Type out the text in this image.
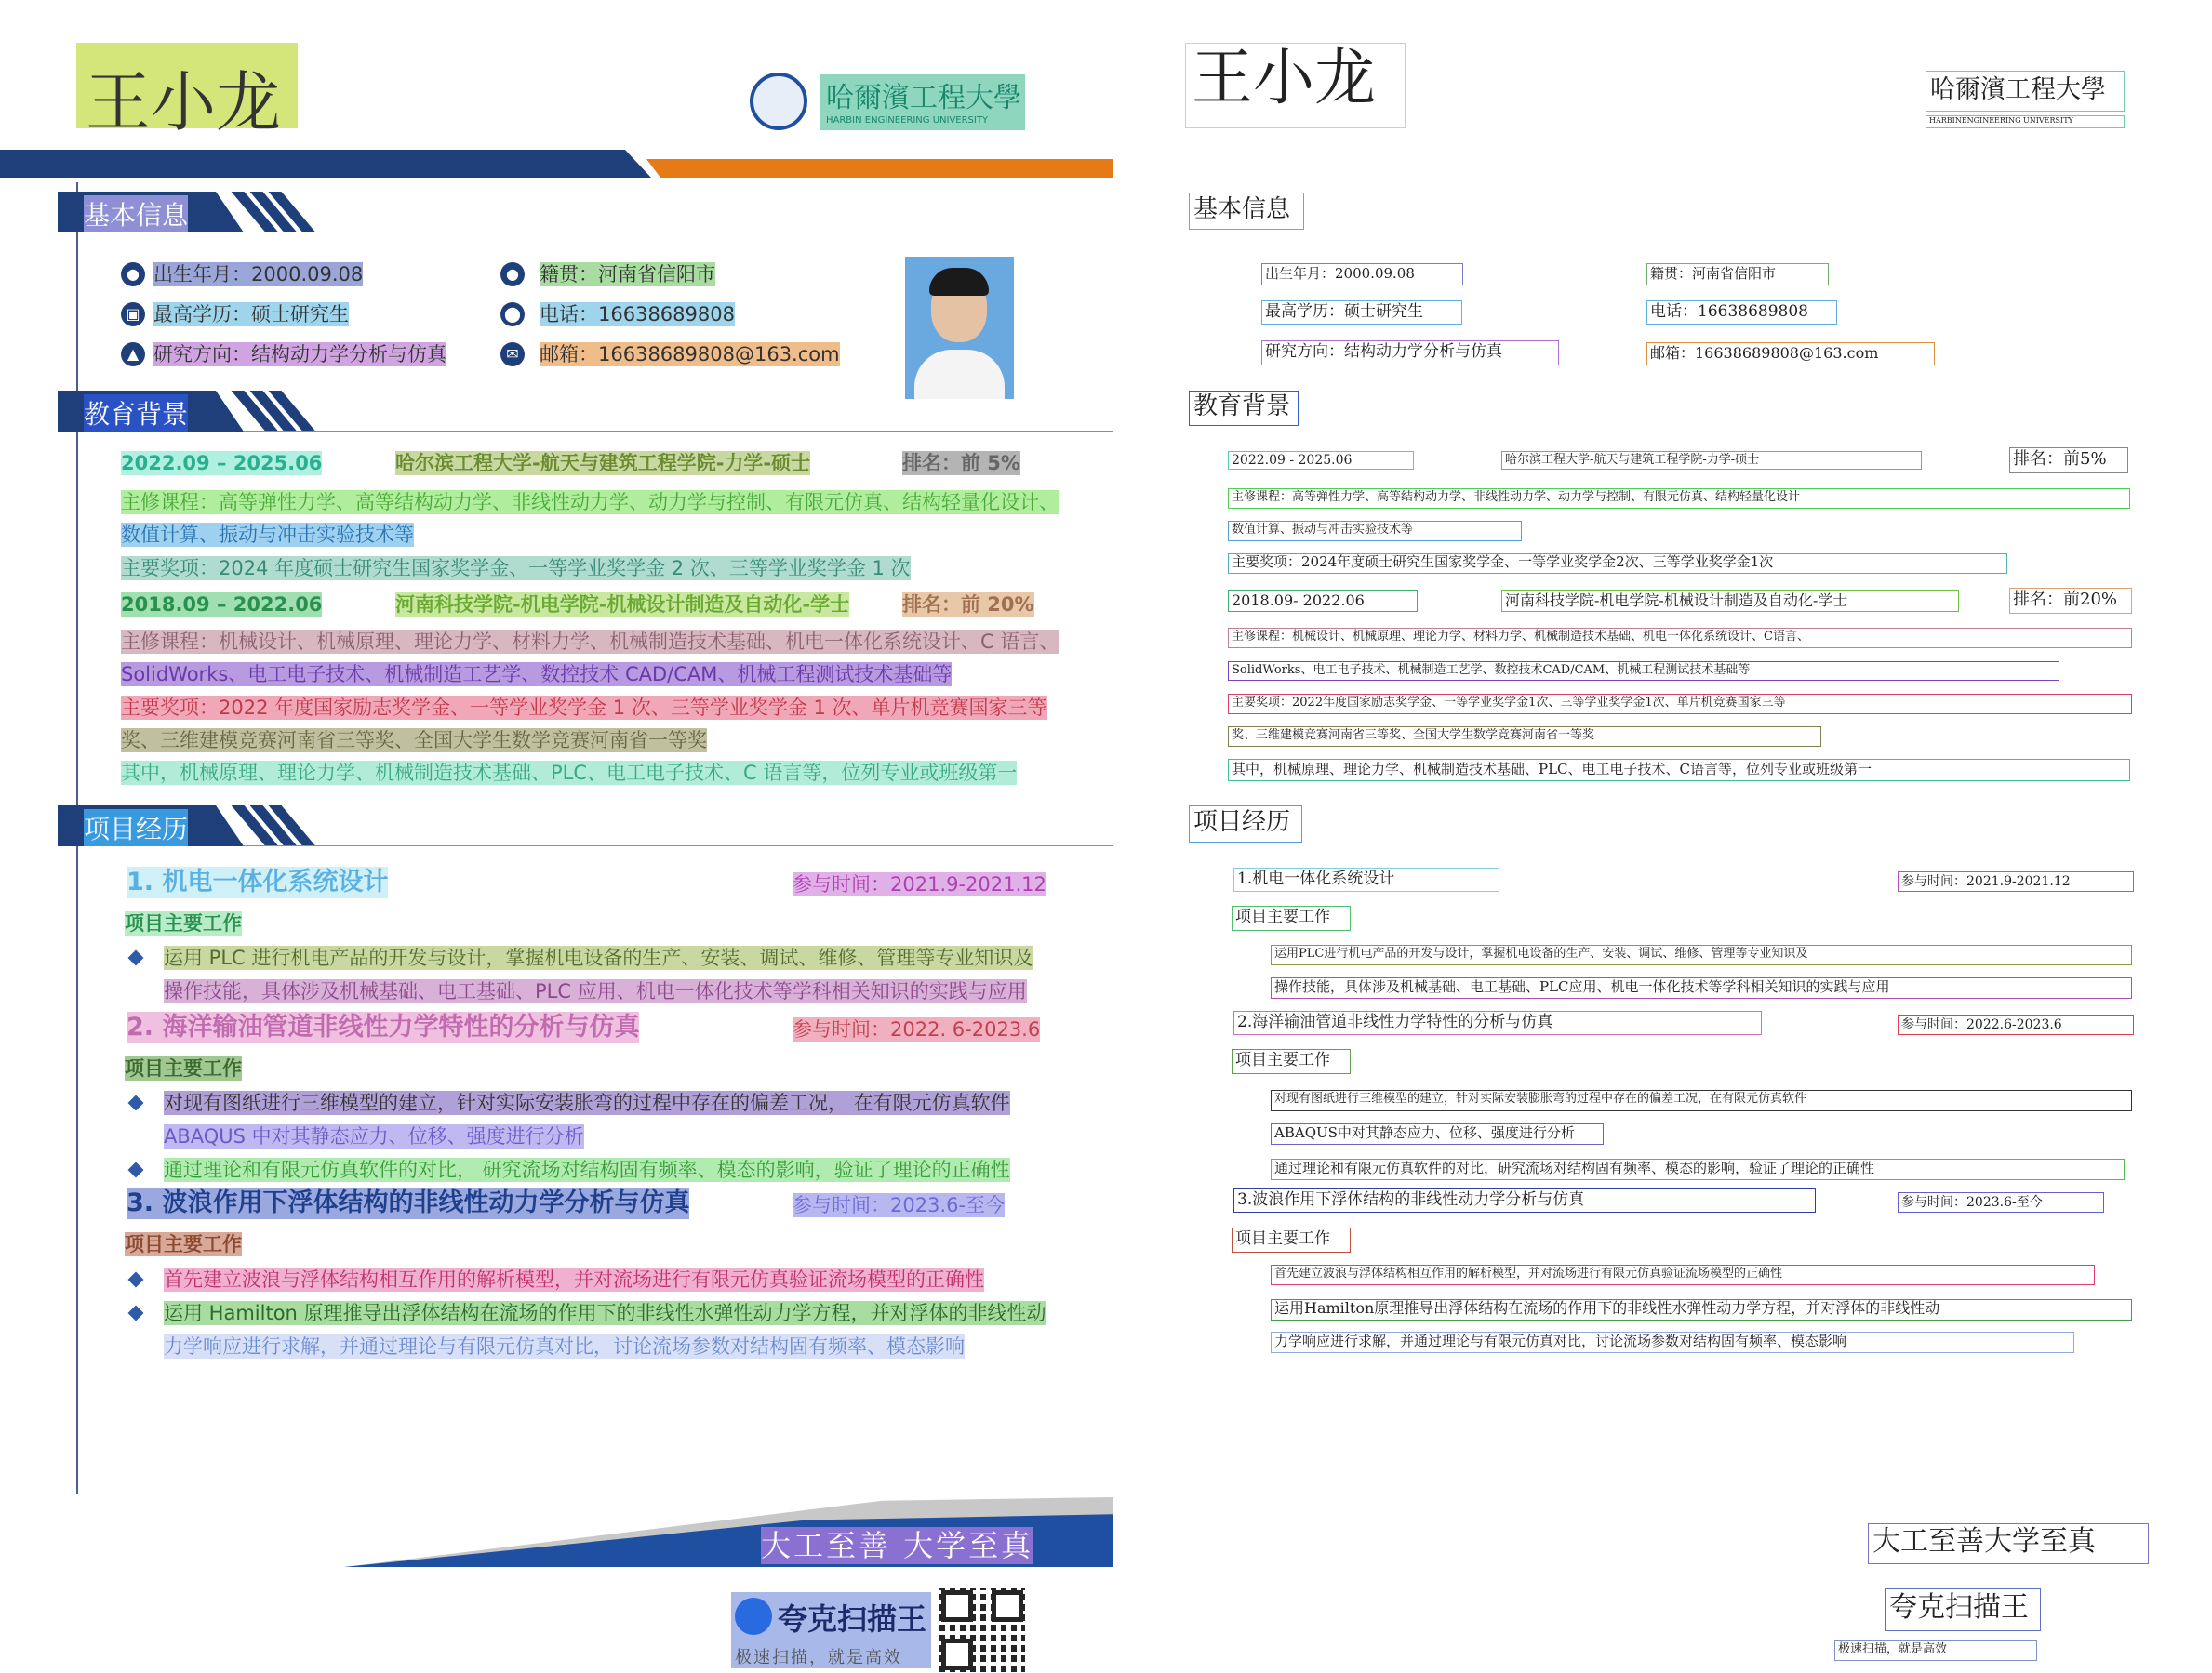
王小龙	哈爾濱工程大學
HARBIN ENGINEERING UNIVERSITY
基本信息
● 出生年月：2000.09.08	● 籍贯：河南省信阳市
▣ 最高学历：硕士研究生	⬤ 电话：16638689808
▲ 研究方向：结构动力学分析与仿真	✉ 邮箱：16638689808@163.com
教育背景
2022.09 – 2025.06	哈尔滨工程大学-航天与建筑工程学院-力学-硕士	排名：前 5%
主修课程：高等弹性力学、高等结构动力学、非线性动力学、动力学与控制、有限元仿真、结构轻量化设计、
数值计算、振动与冲击实验技术等
主要奖项：2024 年度硕士研究生国家奖学金、一等学业奖学金 2 次、三等学业奖学金 1 次
2018.09 – 2022.06	河南科技学院-机电学院-机械设计制造及自动化-学士	排名：前 20%
主修课程：机械设计、机械原理、理论力学、材料力学、机械制造技术基础、机电一体化系统设计、C 语言、
SolidWorks、电工电子技术、机械制造工艺学、数控技术 CAD/CAM、机械工程测试技术基础等
主要奖项：2022 年度国家励志奖学金、一等学业奖学金 1 次、三等学业奖学金 1 次、单片机竞赛国家三等
奖、三维建模竞赛河南省三等奖、全国大学生数学竞赛河南省一等奖
其中，机械原理、理论力学、机械制造技术基础、PLC、电工电子技术、C 语言等，位列专业或班级第一
项目经历
1. 机电一体化系统设计	参与时间：2021.9-2021.12
项目主要工作
运用 PLC 进行机电产品的开发与设计，掌握机电设备的生产、安装、调试、维修、管理等专业知识及
操作技能，具体涉及机械基础、电工基础、PLC 应用、机电一体化技术等学科相关知识的实践与应用
2. 海洋输油管道非线性力学特性的分析与仿真	参与时间：2022. 6-2023.6
项目主要工作
对现有图纸进行三维模型的建立，针对实际安装胀弯的过程中存在的偏差工况， 在有限元仿真软件
ABAQUS 中对其静态应力、位移、强度进行分析
通过理论和有限元仿真软件的对比， 研究流场对结构固有频率、模态的影响，验证了理论的正确性
3. 波浪作用下浮体结构的非线性动力学分析与仿真	参与时间：2023.6-至今
项目主要工作
首先建立波浪与浮体结构相互作用的解析模型，并对流场进行有限元仿真验证流场模型的正确性
运用 Hamilton 原理推导出浮体结构在流场的作用下的非线性水弹性动力学方程，并对浮体的非线性动
力学响应进行求解，并通过理论与有限元仿真对比，讨论流场参数对结构固有频率、模态影响
大工至善 大学至真
夸克扫描王
极速扫描，就是高效
王小龙	哈爾濱工程大學
HARBINENGINEERING UNIVERSITY
基本信息
出生年月：2000.09.08	籍贯：河南省信阳市
最高学历：硕士研究生	电话：16638689808
研究方向：结构动力学分析与仿真	邮箱：16638689808@163.com
教育背景
2022.09 - 2025.06	哈尔滨工程大学-航天与建筑工程学院-力学-硕士	排名：前5%
主修课程：高等弹性力学、高等结构动力学、非线性动力学、动力学与控制、有限元仿真、结构轻量化设计
数值计算、振动与冲击实验技术等
主要奖项：2024年度硕士研究生国家奖学金、一等学业奖学金2次、三等学业奖学金1次
2018.09- 2022.06	河南科技学院-机电学院-机械设计制造及自动化-学士	排名：前20%
主修课程：机械设计、机械原理、理论力学、材料力学、机械制造技术基础、机电一体化系统设计、C语言、
SolidWorks、电工电子技术、机械制造工艺学、数控技术CAD/CAM、机械工程测试技术基础等
主要奖项：2022年度国家励志奖学金、一等学业奖学金1次、三等学业奖学金1次、单片机竞赛国家三等
奖、三维建模竞赛河南省三等奖、全国大学生数学竞赛河南省一等奖
其中，机械原理、理论力学、机械制造技术基础、PLC、电工电子技术、C语言等，位列专业或班级第一
项目经历
1.机电一体化系统设计	参与时间：2021.9-2021.12
项目主要工作
运用PLC进行机电产品的开发与设计，掌握机电设备的生产、安装、调试、维修、管理等专业知识及
操作技能，具体涉及机械基础、电工基础、PLC应用、机电一体化技术等学科相关知识的实践与应用
2.海洋输油管道非线性力学特性的分析与仿真	参与时间：2022.6-2023.6
项目主要工作
对现有图纸进行三维模型的建立，针对实际安装膨胀弯的过程中存在的偏差工况，在有限元仿真软件
ABAQUS中对其静态应力、位移、强度进行分析
通过理论和有限元仿真软件的对比，研究流场对结构固有频率、模态的影响，验证了理论的正确性
3.波浪作用下浮体结构的非线性动力学分析与仿真	参与时间：2023.6-至今
项目主要工作
首先建立波浪与浮体结构相互作用的解析模型，并对流场进行有限元仿真验证流场模型的正确性
运用Hamilton原理推导出浮体结构在流场的作用下的非线性水弹性动力学方程，并对浮体的非线性动
力学响应进行求解，并通过理论与有限元仿真对比，讨论流场参数对结构固有频率、模态影响
大工至善大学至真
夸克扫描王
极速扫描，就是高效
